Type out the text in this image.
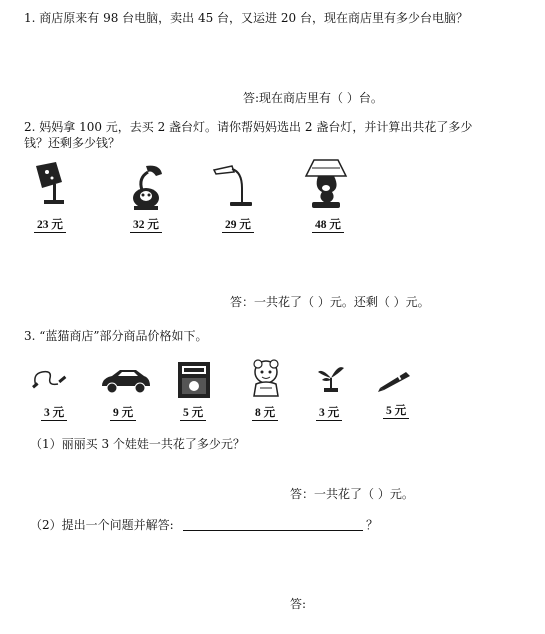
1. 商店原来有 98 台电脑，卖出 45 台，又运进 20 台，现在商店里有多少台电脑？
答:现在商店里有（ ）台。
2. 妈妈拿 100 元，去买 2 盏台灯。请你帮妈妈选出 2 盏台灯，并计算出共花了多少
钱？还剩多少钱？
23 元	32 元	29 元	48 元
答：一共花了（ ）元。还剩（ ）元。
3. “蓝猫商店”部分商品价格如下。
3 元	9 元	5 元	8 元	3 元	5 元
（1）丽丽买 3 个娃娃一共花了多少元？
答：一共花了（ ）元。
（2）提出一个问题并解答:	？
答:
